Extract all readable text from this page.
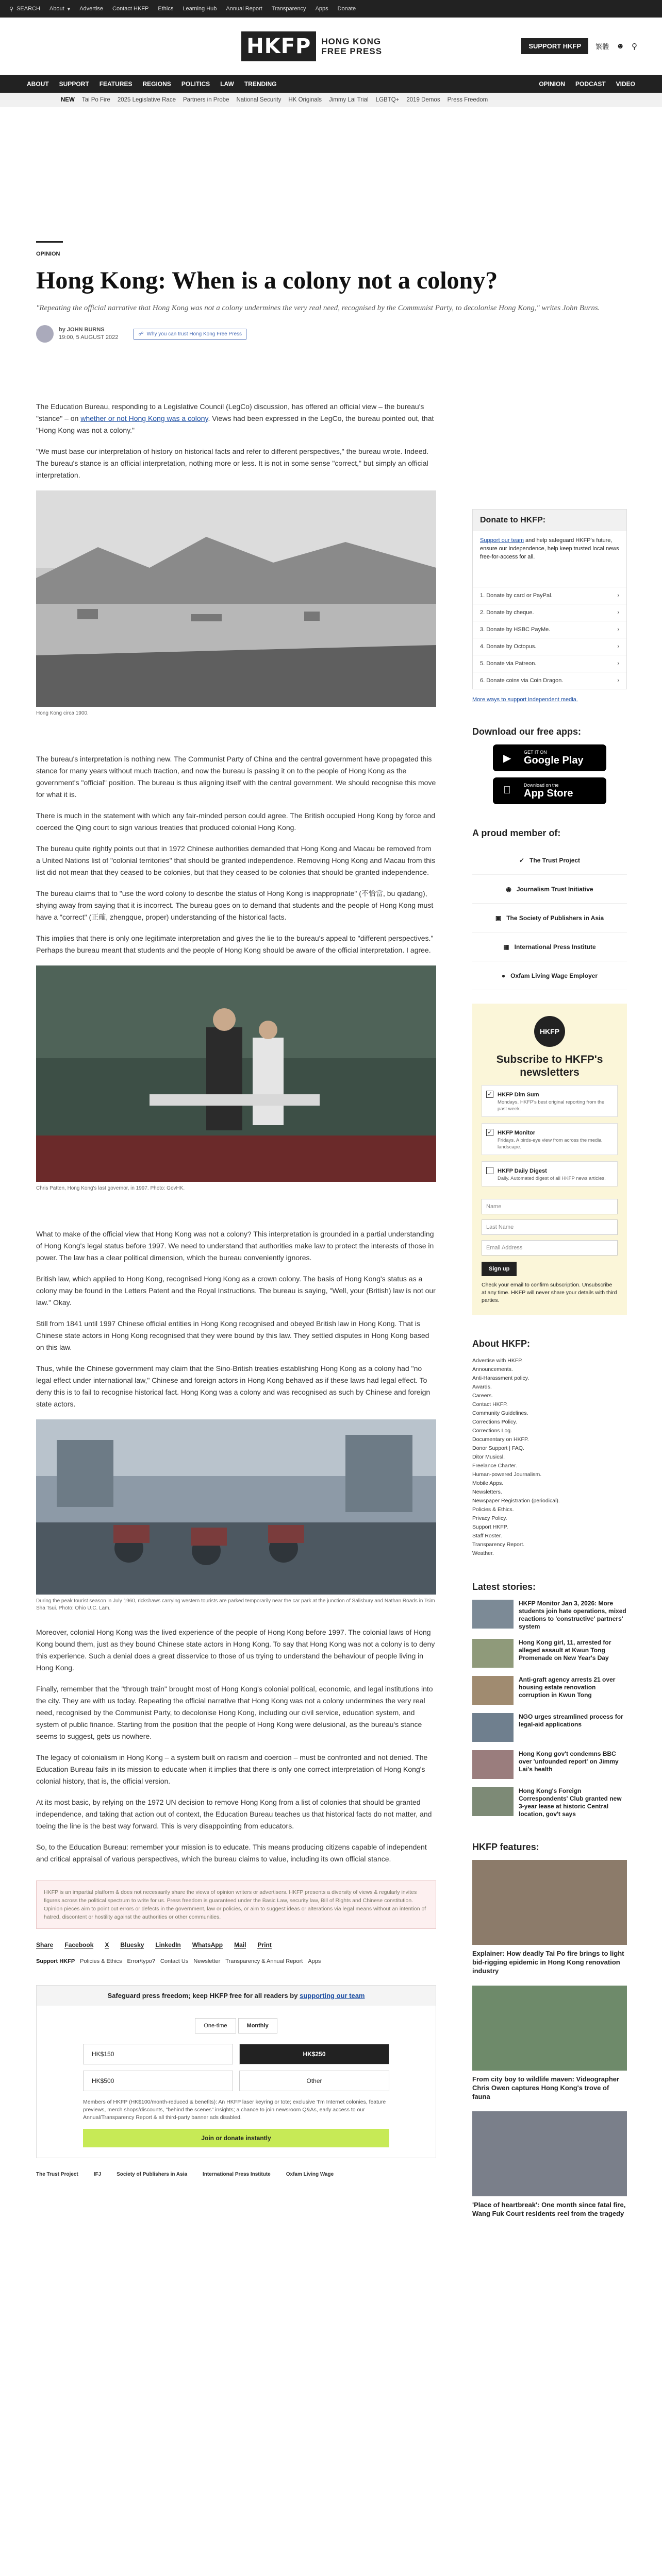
⚲ SEARCH About ▾ Advertise Contact HKFP Ethics Learning Hub Annual Report Transparency Apps Donate
HKFP	HONG KONG
FREE PRESS	SUPPORT HKFP	繁體 ☻ ⚲
ABOUT SUPPORT FEATURES REGIONS POLITICS LAW TRENDING	OPINION PODCAST VIDEO
NEW Tai Po Fire 2025 Legislative Race Partners in Probe National Security HK Originals Jimmy Lai Trial LGBTQ+ 2019 Demos Press Freedom
OPINION
Hong Kong: When is a colony not a colony?
"Repeating the official narrative that Hong Kong was not a colony undermines the very real need, recognised by the Communist Party, to decolonise Hong Kong," writes John Burns.
by JOHN BURNS
19:00, 5 AUGUST 2022
☍ Why you can trust Hong Kong Free Press

The Education Bureau, responding to a Legislative Council (LegCo) discussion, has offered an official view – the bureau's "stance" – on whether or not Hong Kong was a colony. Views had been expressed in the LegCo, the bureau pointed out, that "Hong Kong was not a colony."

"We must base our interpretation of history on historical facts and refer to different perspectives," the bureau wrote. Indeed. The bureau's stance is an official interpretation, nothing more or less. It is not in some sense "correct," but simply an official interpretation.

Hong Kong circa 1900.

The bureau's interpretation is nothing new. The Communist Party of China and the central government have propagated this stance for many years without much traction, and now the bureau is passing it on to the people of Hong Kong as the government's "official" position. The bureau is thus aligning itself with the central government. We should recognise this move for what it is.

There is much in the statement with which any fair-minded person could agree. The British occupied Hong Kong by force and coerced the Qing court to sign various treaties that produced colonial Hong Kong.

The bureau quite rightly points out that in 1972 Chinese authorities demanded that Hong Kong and Macau be removed from a United Nations list of "colonial territories" that should be granted independence. Removing Hong Kong and Macau from this list did not mean that they ceased to be colonies, but that they ceased to be colonies that should be granted independence.

The bureau claims that to "use the word colony to describe the status of Hong Kong is inappropriate" (不恰當, bu qiadang), shying away from saying that it is incorrect. The bureau goes on to demand that students and the people of Hong Kong must have a "correct" (正確, zhengque, proper) understanding of the historical facts.

This implies that there is only one legitimate interpretation and gives the lie to the bureau's appeal to "different perspectives." Perhaps the bureau meant that students and the people of Hong Kong should be aware of the official interpretation. I agree.

Chris Patten, Hong Kong's last governor, in 1997. Photo: GovHK.

What to make of the official view that Hong Kong was not a colony? This interpretation is grounded in a partial understanding of Hong Kong's legal status before 1997. We need to understand that authorities make law to protect the interests of those in power. The law has a clear political dimension, which the bureau conveniently ignores.

British law, which applied to Hong Kong, recognised Hong Kong as a crown colony. The basis of Hong Kong's status as a colony may be found in the Letters Patent and the Royal Instructions. The bureau is saying, "Well, your (British) law is not our law." Okay.

Still from 1841 until 1997 Chinese official entities in Hong Kong recognised and obeyed British law in Hong Kong. That is Chinese state actors in Hong Kong recognised that they were bound by this law. They settled disputes in Hong Kong based on this law.

Thus, while the Chinese government may claim that the Sino-British treaties establishing Hong Kong as a colony had "no legal effect under international law," Chinese and foreign actors in Hong Kong behaved as if these laws had legal effect. To deny this is to fail to recognise historical fact. Hong Kong was a colony and was recognised as such by Chinese and foreign state actors.

During the peak tourist season in July 1960, rickshaws carrying western tourists are parked temporarily near the car park at the junction of Salisbury and Nathan Roads in Tsim Sha Tsui. Photo: Ohio U.C. Lam.

Moreover, colonial Hong Kong was the lived experience of the people of Hong Kong before 1997. The colonial laws of Hong Kong bound them, just as they bound Chinese state actors in Hong Kong. To say that Hong Kong was not a colony is to deny this experience. Such a denial does a great disservice to those of us trying to understand the behaviour of people living in Hong Kong.

Finally, remember that the "through train" brought most of Hong Kong's colonial political, economic, and legal institutions into the city. They are with us today. Repeating the official narrative that Hong Kong was not a colony undermines the very real need, recognised by the Communist Party, to decolonise Hong Kong, including our civil service, education system, and system of public finance. Starting from the position that the people of Hong Kong were delusional, as the bureau's stance seems to suggest, gets us nowhere.

The legacy of colonialism in Hong Kong – a system built on racism and coercion – must be confronted and not denied. The Education Bureau fails in its mission to educate when it implies that there is only one correct interpretation of Hong Kong's colonial history, that is, the official version.

At its most basic, by relying on the 1972 UN decision to remove Hong Kong from a list of colonies that should be granted independence, and taking that action out of context, the Education Bureau teaches us that historical facts do not matter, and toeing the line is the best way forward. This is very disappointing from educators.

So, to the Education Bureau: remember your mission is to educate. This means producing citizens capable of independent and critical appraisal of various perspectives, which the bureau claims to value, including its own official stance.

HKFP is an impartial platform & does not necessarily share the views of opinion writers or advertisers. HKFP presents a diversity of views & regularly invites figures across the political spectrum to write for us. Press freedom is guaranteed under the Basic Law, security law, Bill of Rights and Chinese constitution. Opinion pieces aim to point out errors or defects in the government, law or policies, or aim to suggest ideas or alterations via legal means without an intention of hatred, discontent or hostility against the authorities or other communities.
Share Facebook X Bluesky LinkedIn WhatsApp Mail Print
Support HKFP Policies & Ethics Error/typo? Contact Us Newsletter Transparency & Annual Report Apps
Safeguard press freedom; keep HKFP free for all readers by supporting our team
One-time	Monthly
HK$150	HK$250
HK$500	Other
Members of HKFP (HK$100/month-reduced & benefits): An HKFP laser keyring or tote; exclusive 'I'm Internet colonies, feature previews, merch shops/discounts, "behind the scenes" insights; a chance to join newsroom Q&As, early access to our Annual/Transparency Report & all third-party banner ads disabled.
Join or donate instantly
The Trust Project	IFJ	Society of Publishers in Asia	International Press Institute	Oxfam Living Wage
Donate to HKFP:
Support our team and help safeguard HKFP's future, ensure our independence, help keep trusted local news free-for-access for all.
1. Donate by card or PayPal.	›
2. Donate by cheque.	›
3. Donate by HSBC PayMe.	›
4. Donate by Octopus.	›
5. Donate via Patreon.	›
6. Donate coins via Coin Dragon.	›
More ways to support independent media.
Download our free apps:
▶
GET IT ON
Google Play
Download on the
App Store
A proud member of:
✓ The Trust Project
◉ Journalism Trust Initiative
▣ The Society of Publishers in Asia
▦ International Press Institute
● Oxfam Living Wage Employer
HKFP
Subscribe to HKFP's newsletters
✓ HKFP Dim Sum

Mondays. HKFP's best original reporting from the past week.

✓ HKFP Monitor

Fridays. A birds-eye view from across the media landscape.

HKFP Daily Digest

Daily. Automated digest of all HKFP news articles.

Name
Last Name
Email Address
Sign up
Check your email to confirm subscription. Unsubscribe at any time. HKFP will never share your details with third parties.
About HKFP:
Advertise with HKFP.
Announcements.
Anti-Harassment policy.
Awards.
Careers.
Contact HKFP.
Community Guidelines.
Corrections Policy.
Corrections Log.
Documentary on HKFP.
Donor Support | FAQ.
Ditor Musicsl.
Freelance Charter.
Human-powered Journalism.
Mobile Apps.
Newsletters.
Newspaper Registration (periodical).
Policies & Ethics.
Privacy Policy.
Support HKFP.
Staff Roster.
Transparency Report.
Weather.
Latest stories:
HKFP Monitor Jan 3, 2026: More students join hate operations, mixed reactions to 'constructive' partners' system
Hong Kong girl, 11, arrested for alleged assault at Kwun Tong Promenade on New Year's Day
Anti-graft agency arrests 21 over housing estate renovation corruption in Kwun Tong
NGO urges streamlined process for legal-aid applications
Hong Kong gov't condemns BBC over 'unfounded report' on Jimmy Lai's health
Hong Kong's Foreign Correspondents' Club granted new 3-year lease at historic Central location, gov't says
HKFP features:
Explainer: How deadly Tai Po fire brings to light bid-rigging epidemic in Hong Kong renovation industry
From city boy to wildlife maven: Videographer Chris Owen captures Hong Kong's trove of fauna
'Place of heartbreak': One month since fatal fire, Wang Fuk Court residents reel from the tragedy
